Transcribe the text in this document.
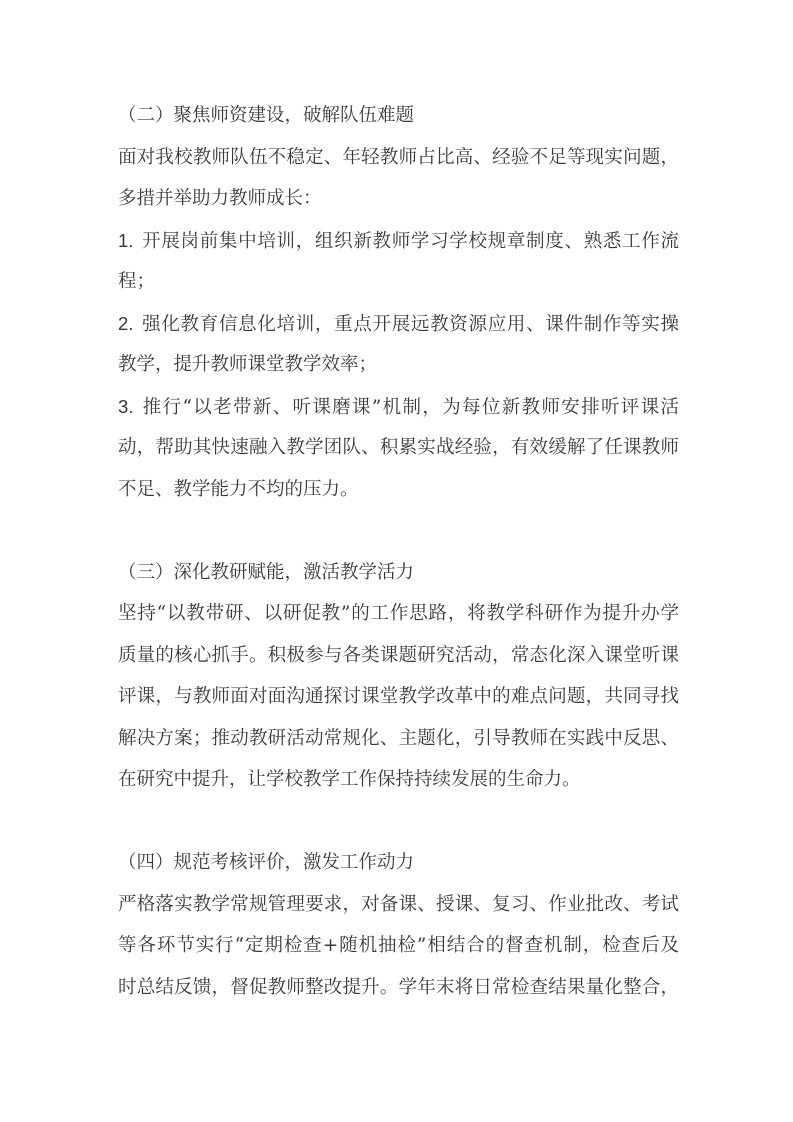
（二）聚焦师资建设，破解队伍难题
面对我校教师队伍不稳定、年轻教师占比高、经验不足等现实问题，
多措并举助力教师成长：
1. 开展岗前集中培训，组织新教师学习学校规章制度、熟悉工作流
程；
2. 强化教育信息化培训，重点开展远教资源应用、课件制作等实操
教学，提升教师课堂教学效率；
3. 推行“以老带新、听课磨课”机制，为每位新教师安排听评课活
动，帮助其快速融入教学团队、积累实战经验，有效缓解了任课教师
不足、教学能力不均的压力。
（三）深化教研赋能，激活教学活力
坚持“以教带研、以研促教”的工作思路，将教学科研作为提升办学
质量的核心抓手。积极参与各类课题研究活动，常态化深入课堂听课
评课，与教师面对面沟通探讨课堂教学改革中的难点问题，共同寻找
解决方案；推动教研活动常规化、主题化，引导教师在实践中反思、
在研究中提升，让学校教学工作保持持续发展的生命力。
（四）规范考核评价，激发工作动力
严格落实教学常规管理要求，对备课、授课、复习、作业批改、考试
等各环节实行“定期检查+随机抽检”相结合的督查机制，检查后及
时总结反馈，督促教师整改提升。学年末将日常检查结果量化整合，
